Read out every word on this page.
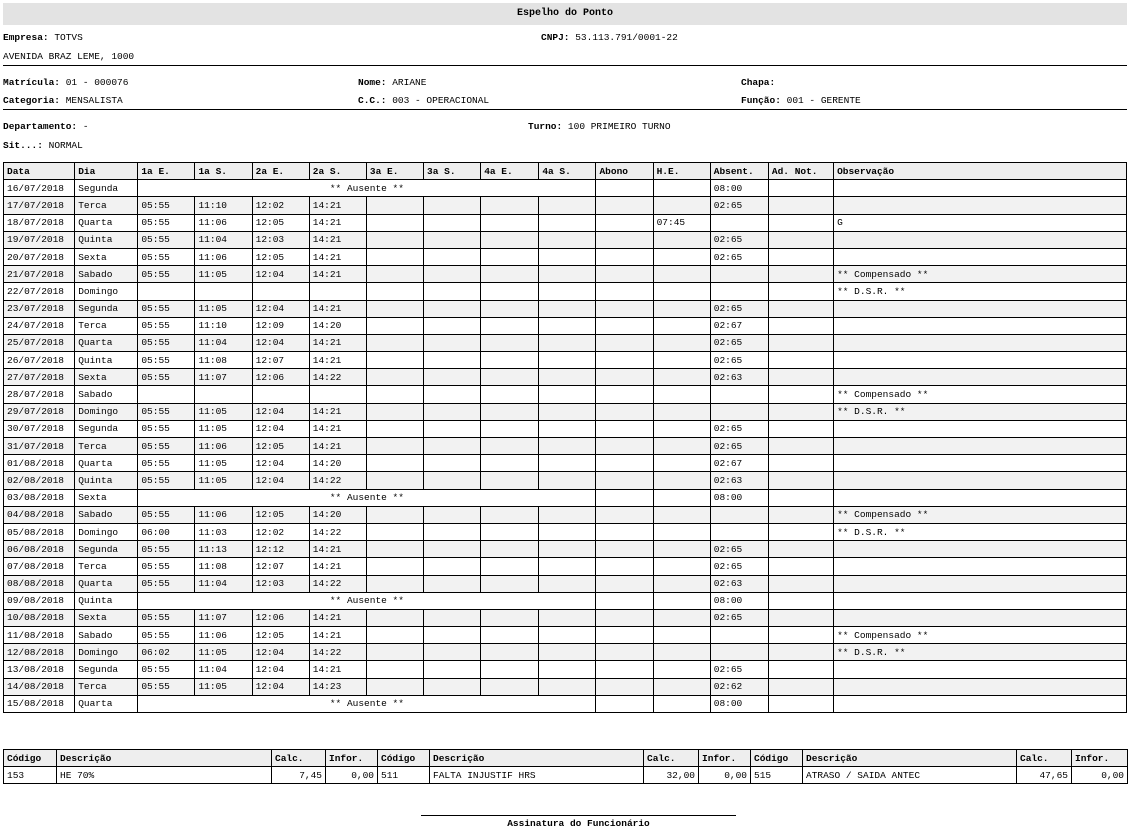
Espelho do Ponto
Empresa: TOTVS	CNPJ: 53.113.791/0001-22
AVENIDA BRAZ LEME, 1000
Matrícula: 01 - 000076	Nome: ARIANE	Chapa:
Categoria: MENSALISTA	C.C.: 003 - OPERACIONAL	Função: 001 - GERENTE
Departamento: -	Turno: 100 PRIMEIRO TURNO
Sit...: NORMAL
Data	Dia	1a E.	1a S.	2a E.	2a S.	3a E.	3a S.	4a E.	4a S.	Abono	H.E.	Absent.	Ad. Not.	Observação
16/07/2018	Segunda	** Ausente **										08:00		
17/07/2018	Terca	05:55	11:10	12:02	14:21							02:65		
18/07/2018	Quarta	05:55	11:06	12:05	14:21						07:45			G
19/07/2018	Quinta	05:55	11:04	12:03	14:21							02:65		
20/07/2018	Sexta	05:55	11:06	12:05	14:21							02:65		
21/07/2018	Sabado	05:55	11:05	12:04	14:21									** Compensado **
22/07/2018	Domingo													** D.S.R. **
23/07/2018	Segunda	05:55	11:05	12:04	14:21							02:65		
24/07/2018	Terca	05:55	11:10	12:09	14:20							02:67		
25/07/2018	Quarta	05:55	11:04	12:04	14:21							02:65		
26/07/2018	Quinta	05:55	11:08	12:07	14:21							02:65		
27/07/2018	Sexta	05:55	11:07	12:06	14:22							02:63		
28/07/2018	Sabado													** Compensado **
29/07/2018	Domingo	05:55	11:05	12:04	14:21									** D.S.R. **
30/07/2018	Segunda	05:55	11:05	12:04	14:21							02:65		
31/07/2018	Terca	05:55	11:06	12:05	14:21							02:65		
01/08/2018	Quarta	05:55	11:05	12:04	14:20							02:67		
02/08/2018	Quinta	05:55	11:05	12:04	14:22							02:63		
03/08/2018	Sexta	** Ausente **										08:00		
04/08/2018	Sabado	05:55	11:06	12:05	14:20									** Compensado **
05/08/2018	Domingo	06:00	11:03	12:02	14:22									** D.S.R. **
06/08/2018	Segunda	05:55	11:13	12:12	14:21							02:65		
07/08/2018	Terca	05:55	11:08	12:07	14:21							02:65		
08/08/2018	Quarta	05:55	11:04	12:03	14:22							02:63		
09/08/2018	Quinta	** Ausente **										08:00		
10/08/2018	Sexta	05:55	11:07	12:06	14:21							02:65		
11/08/2018	Sabado	05:55	11:06	12:05	14:21									** Compensado **
12/08/2018	Domingo	06:02	11:05	12:04	14:22									** D.S.R. **
13/08/2018	Segunda	05:55	11:04	12:04	14:21							02:65		
14/08/2018	Terca	05:55	11:05	12:04	14:23							02:62		
15/08/2018	Quarta	** Ausente **										08:00		
Código	Descrição	Calc.	Infor.	Código	Descrição	Calc.	Infor.	Código	Descrição	Calc.	Infor.
153	HE 70%	7,45	0,00	511	FALTA INJUSTIF HRS	32,00	0,00	515	ATRASO / SAIDA ANTEC	47,65	0,00
Assinatura do Funcionário
